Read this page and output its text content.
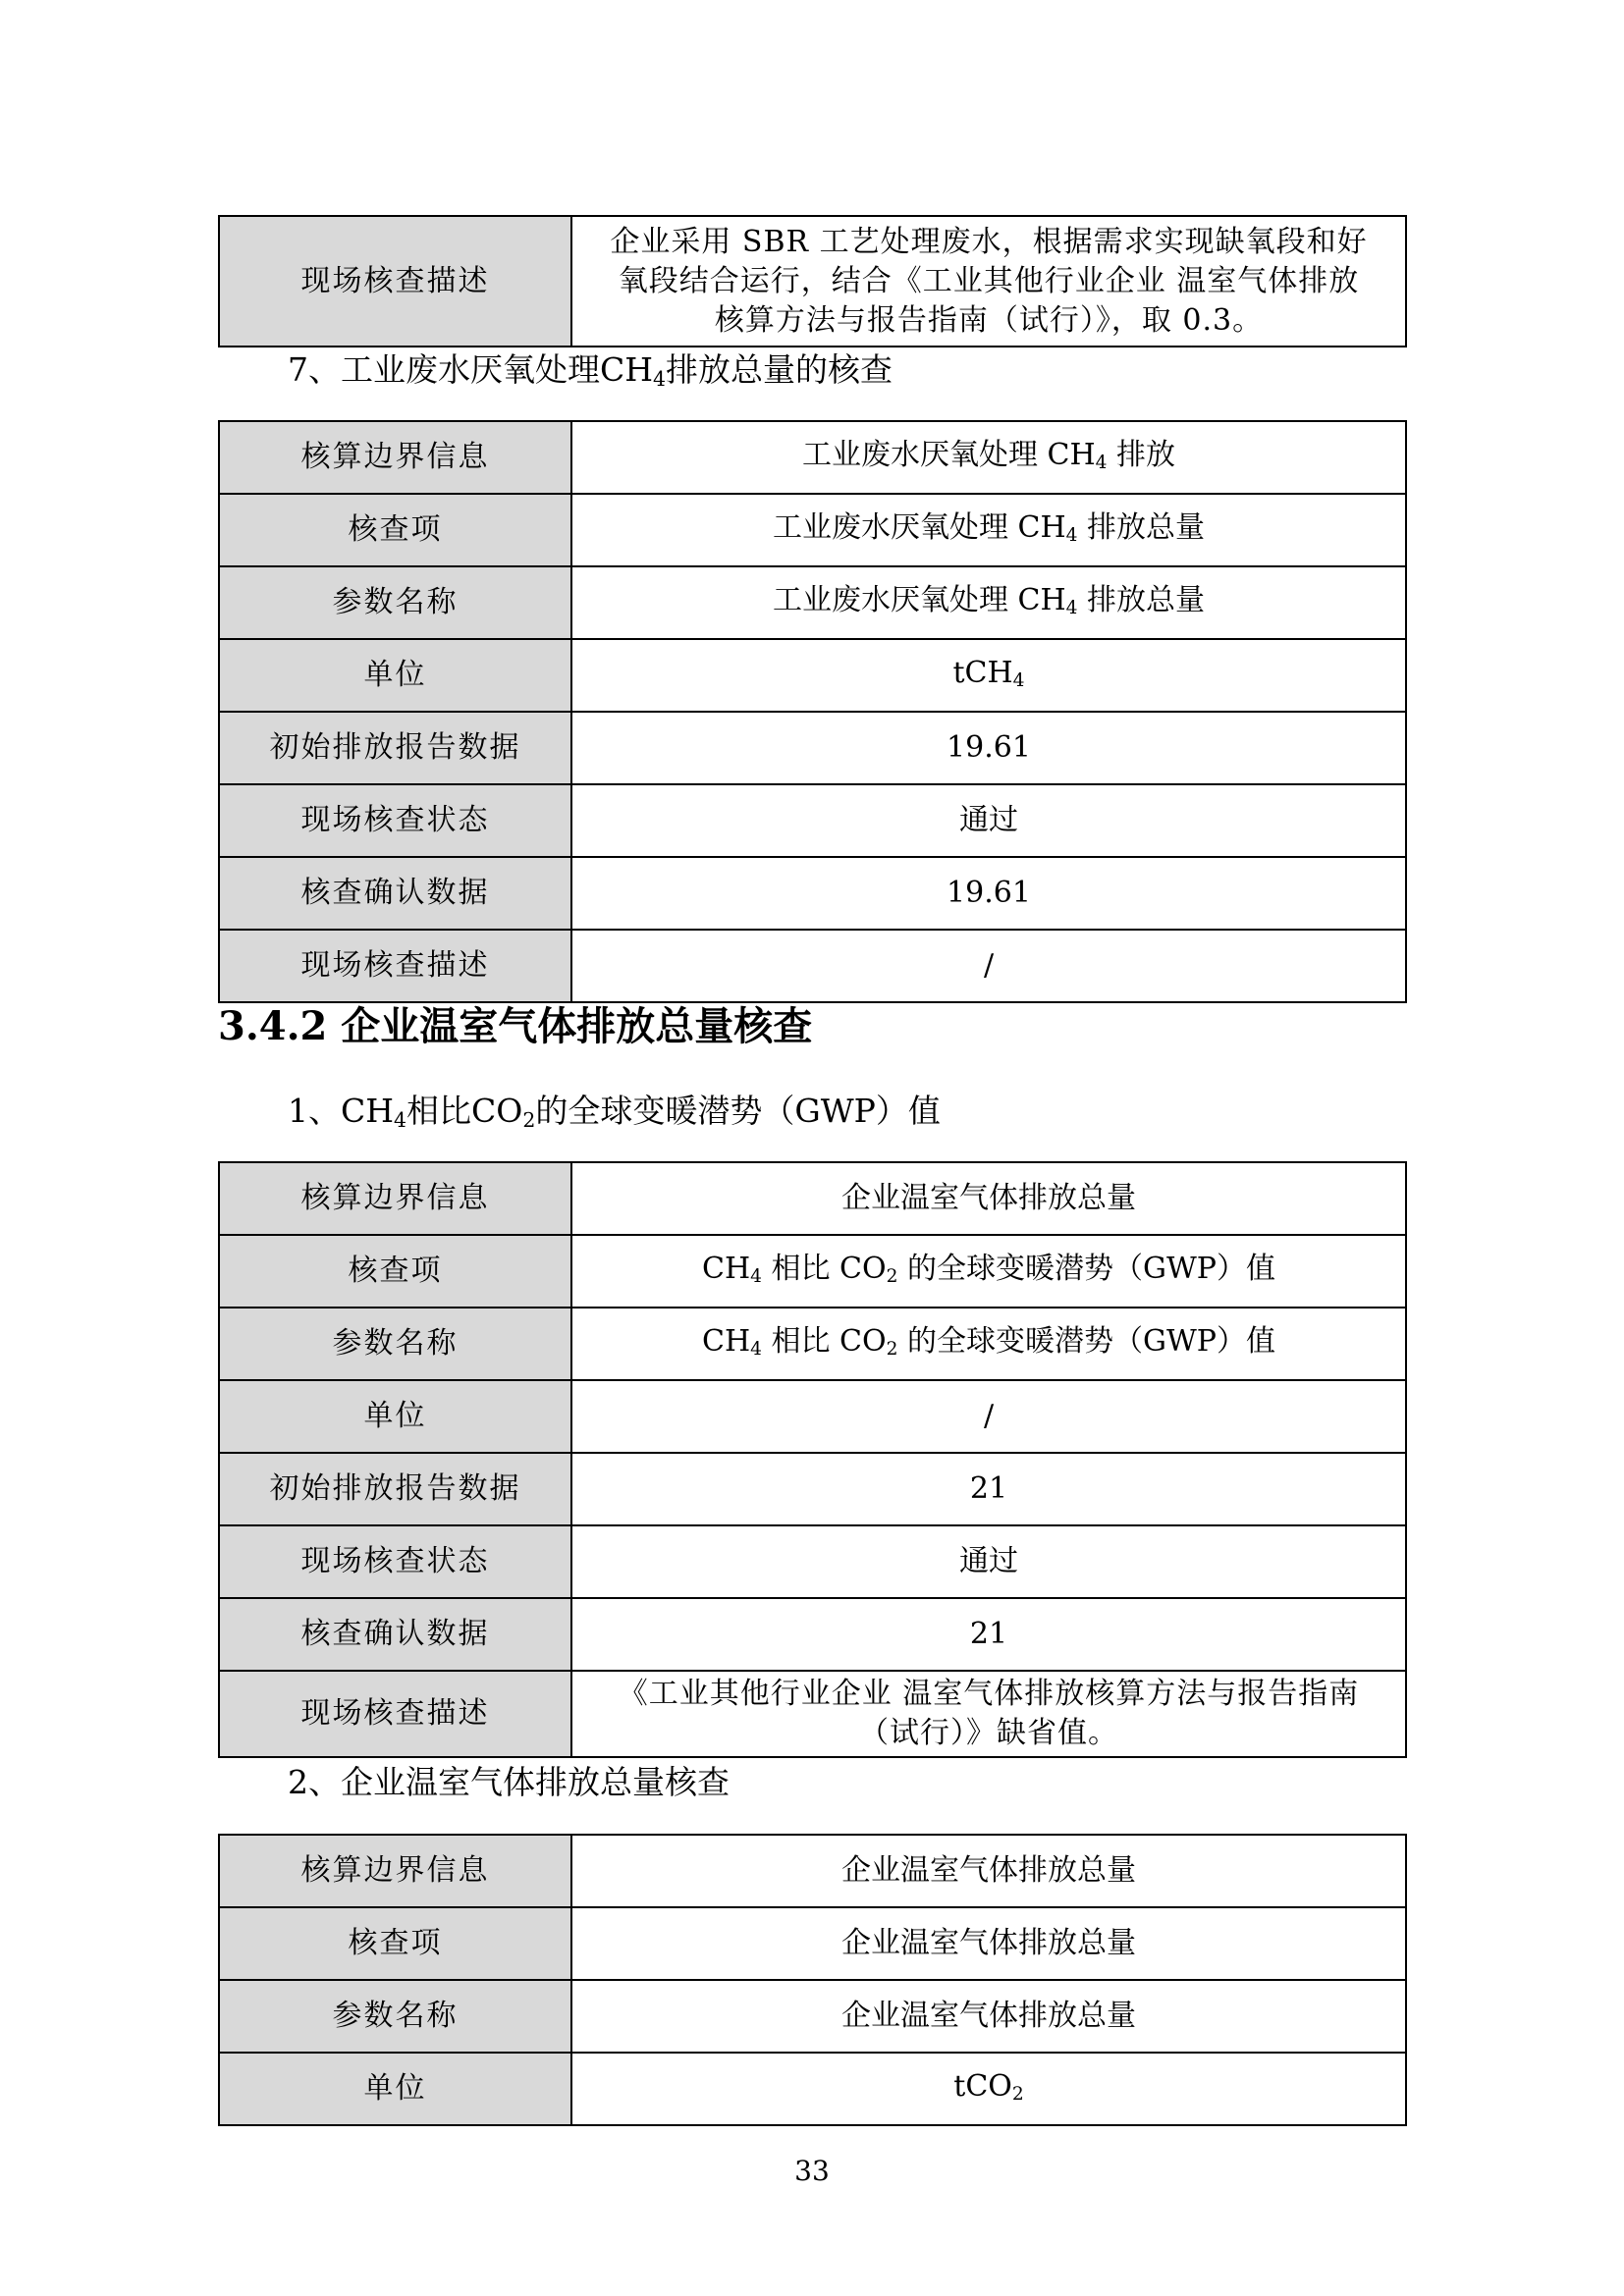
现场核查描述	企业采用 SBR 工艺处理废水，根据需求实现缺氧段和好
氧段结合运行，结合《工业其他行业企业 温室气体排放
核算方法与报告指南（试行）》，取 0.3。
7、工业废水厌氧处理$CH_4$排放总量的核查
核算边界信息	工业废水厌氧处理 $CH_4$ 排放
核查项	工业废水厌氧处理 $CH_4$ 排放总量
参数名称	工业废水厌氧处理 $CH_4$ 排放总量
单位	tCH$_4$
初始排放报告数据	19.61
现场核查状态	通过
核查确认数据	19.61
现场核查描述	/
3.4.2 企业温室气体排放总量核查
1、$CH_4$相比$CO_2$的全球变暖潜势（GWP）值
核算边界信息	企业温室气体排放总量
核查项	$CH_4$ 相比 $CO_2$ 的全球变暖潜势（GWP）值
参数名称	$CH_4$ 相比 $CO_2$ 的全球变暖潜势（GWP）值
单位	/
初始排放报告数据	21
现场核查状态	通过
核查确认数据	21
现场核查描述	《工业其他行业企业 温室气体排放核算方法与报告指南
（试行）》缺省值。
2、企业温室气体排放总量核查
核算边界信息	企业温室气体排放总量
核查项	企业温室气体排放总量
参数名称	企业温室气体排放总量
单位	tCO$_2$
33
